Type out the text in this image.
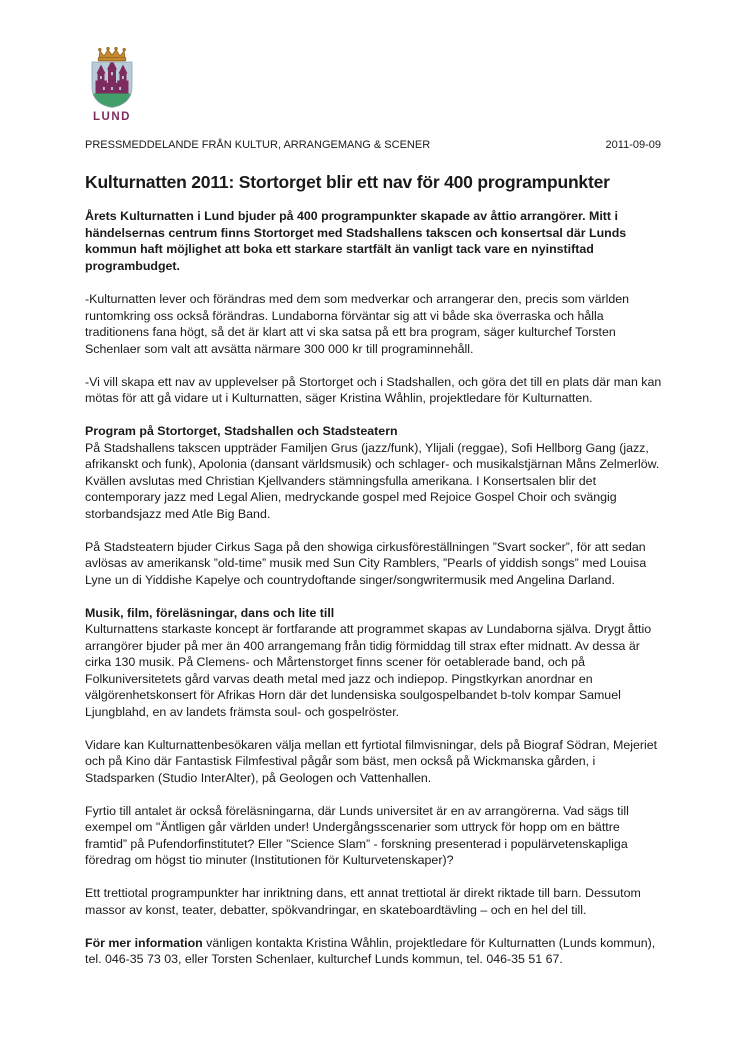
LUND
PRESSMEDDELANDE FRÅN KULTUR, ARRANGEMANG & SCENER	2011-09-09
Kulturnatten 2011: Stortorget blir ett nav för 400 programpunkter

Årets Kulturnatten i Lund bjuder på 400 programpunkter skapade av åttio arrangörer. Mitt i händelsernas centrum finns Stortorget med Stadshallens takscen och konsertsal där Lunds kommun haft möjlighet att boka ett starkare startfält än vanligt tack vare en nyinstiftad programbudget.

-Kulturnatten lever och förändras med dem som medverkar och arrangerar den, precis som världen runtomkring oss också förändras. Lundaborna förväntar sig att vi både ska överraska och hålla traditionens fana högt, så det är klart att vi ska satsa på ett bra program, säger kulturchef Torsten Schenlaer som valt att avsätta närmare 300 000 kr till programinnehåll.

-Vi vill skapa ett nav av upplevelser på Stortorget och i Stadshallen, och göra det till en plats där man kan mötas för att gå vidare ut i Kulturnatten, säger Kristina Wåhlin, projektledare för Kulturnatten.

Program på Stortorget, Stadshallen och Stadsteatern

På Stadshallens takscen uppträder Familjen Grus (jazz/funk), Ylijali (reggae), Sofi Hellborg Gang (jazz, afrikanskt och funk), Apolonia (dansant världsmusik) och schlager- och musikalstjärnan Måns Zelmerlöw. Kvällen avslutas med Christian Kjellvanders stämningsfulla amerikana. I Konsertsalen blir det contemporary jazz med Legal Alien, medryckande gospel med Rejoice Gospel Choir och svängig storbandsjazz med Atle Big Band.

På Stadsteatern bjuder Cirkus Saga på den showiga cirkusföreställningen ”Svart socker”, för att sedan avlösas av amerikansk ”old-time” musik med Sun City Ramblers, ”Pearls of yiddish songs” med Louisa Lyne un di Yiddishe Kapelye och countrydoftande singer/songwritermusik med Angelina Darland.

Musik, film, föreläsningar, dans och lite till

Kulturnattens starkaste koncept är fortfarande att programmet skapas av Lundaborna själva. Drygt åttio arrangörer bjuder på mer än 400 arrangemang från tidig förmiddag till strax efter midnatt. Av dessa är cirka 130 musik. På Clemens- och Mårtenstorget finns scener för oetablerade band, och på Folkuniversitetets gård varvas death metal med jazz och indiepop. Pingstkyrkan anordnar en välgörenhetskonsert för Afrikas Horn där det lundensiska soulgospelbandet b-tolv kompar Samuel Ljungblahd, en av landets främsta soul- och gospelröster.

Vidare kan Kulturnattenbesökaren välja mellan ett fyrtiotal filmvisningar, dels på Biograf Södran, Mejeriet och på Kino där Fantastisk Filmfestival pågår som bäst, men också på Wickmanska gården, i Stadsparken (Studio InterAlter), på Geologen och Vattenhallen.

Fyrtio till antalet är också föreläsningarna, där Lunds universitet är en av arrangörerna. Vad sägs till exempel om "Äntligen går världen under! Undergångsscenarier som uttryck för hopp om en bättre framtid” på Pufendorfinstitutet? Eller ”Science Slam” - forskning presenterad i populärvetenskapliga föredrag om högst tio minuter (Institutionen för Kulturvetenskaper)?

Ett trettiotal programpunkter har inriktning dans, ett annat trettiotal är direkt riktade till barn. Dessutom massor av konst, teater, debatter, spökvandringar, en skateboardtävling – och en hel del till.

För mer information vänligen kontakta Kristina Wåhlin, projektledare för Kulturnatten (Lunds kommun), tel. 046-35 73 03, eller Torsten Schenlaer, kulturchef Lunds kommun, tel. 046-35 51 67.
